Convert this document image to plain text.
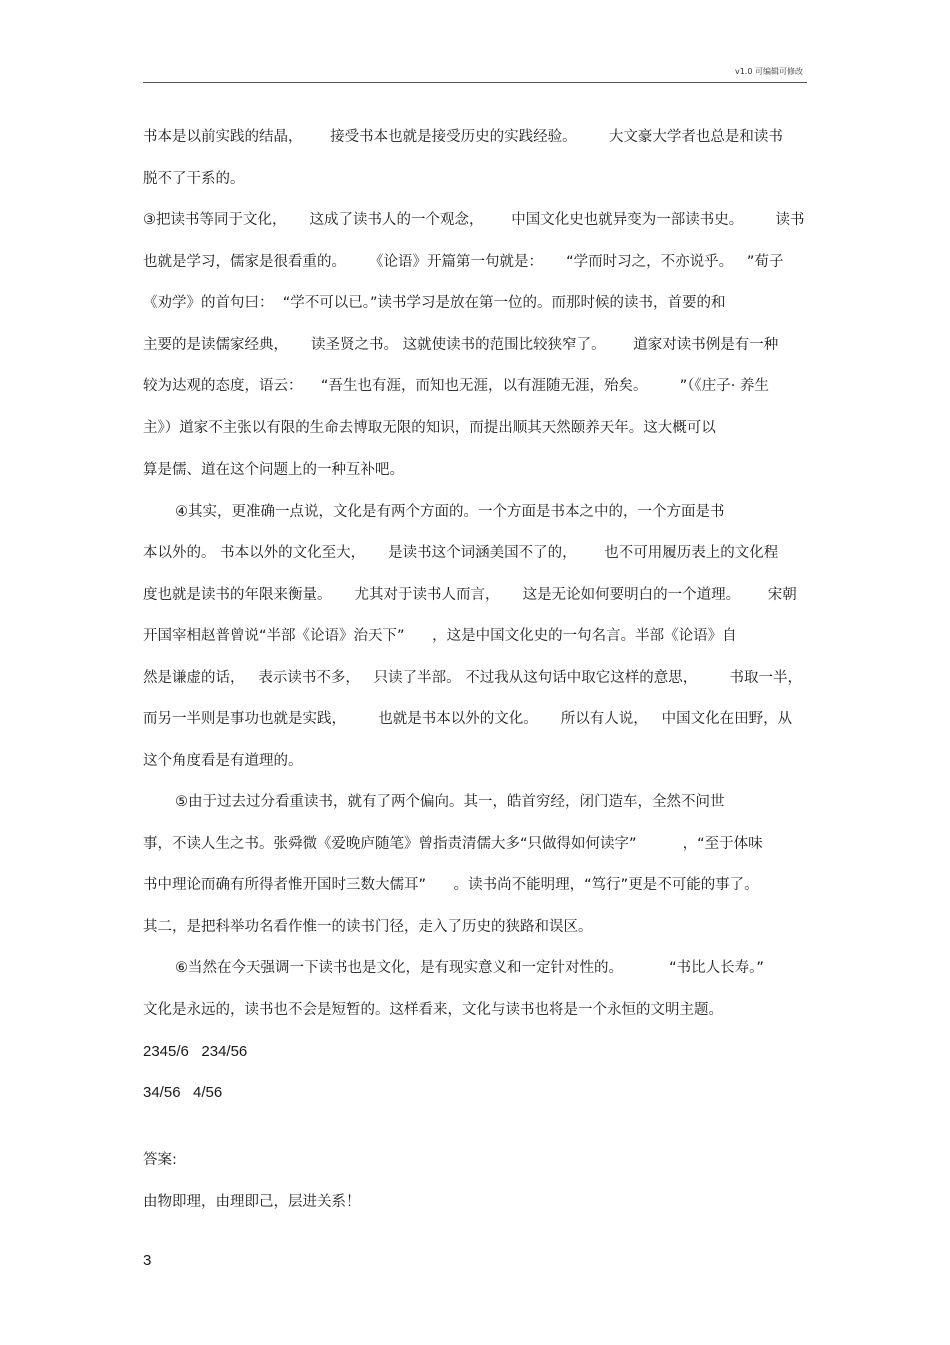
v1.0 可编辑可修改
书本是以前实践的结晶，      接受书本也就是接受历史的实践经验。       大文豪大学者也总是和读书
脱不了干系的。
③把读书等同于文化，     这成了读书人的一个观念，      中国文化史也就异变为一部读书史。       读书
也就是学习，儒家是很看重的。     《论语》开篇第一句就是：     “学而时习之，不亦说乎。   ”荀子
《劝学》的首句曰：  “学不可以已。”读书学习是放在第一位的。而那时候的读书，首要的和
主要的是读儒家经典，     读圣贤之书。 这就使读书的范围比较狭窄了。      道家对读书例是有一种
较为达观的态度，语云：    “吾生也有涯，而知也无涯，以有涯随无涯，殆矣。       ”（《庄子· 养生
主》）道家不主张以有限的生命去博取无限的知识，而提出顺其天然颐养天年。这大概可以
算是儒、道在这个问题上的一种互补吧。
④其实，更准确一点说，文化是有两个方面的。一个方面是书本之中的，一个方面是书
本以外的。 书本以外的文化至大，     是读书这个词涵美国不了的，      也不可用履历表上的文化程
度也就是读书的年限来衡量。     尤其对于读书人而言，     这是无论如何要明白的一个道理。      宋朝
开国宰相赵普曾说“半部《论语》治天下”      ，这是中国文化史的一句名言。半部《论语》自
然是谦虚的话，   表示读书不多，   只读了半部。 不过我从这句话中取它这样的意思，       书取一半，
而另一半则是事功也就是实践，       也就是书本以外的文化。     所以有人说，   中国文化在田野，从
这个角度看是有道理的。
⑤由于过去过分看重读书，就有了两个偏向。其一，皓首穷经，闭门造车，全然不问世
事，不读人生之书。张舜微《爱晚庐随笔》曾指责清儒大多“只做得如何读字”          ，“至于体味
书中理论而确有所得者惟开国时三数大儒耳”      。读书尚不能明理，“笃行”更是不可能的事了。
其二，是把科举功名看作惟一的读书门径，走入了历史的狭路和误区。
⑥当然在今天强调一下读书也是文化，是有现实意义和一定针对性的。          “书比人长寿。”
文化是永远的，读书也不会是短暂的。这样看来，文化与读书也将是一个永恒的文明主题。
2345/6   234/56
34/56   4/56
答案:
由物即理，由理即己，层进关系！
3
